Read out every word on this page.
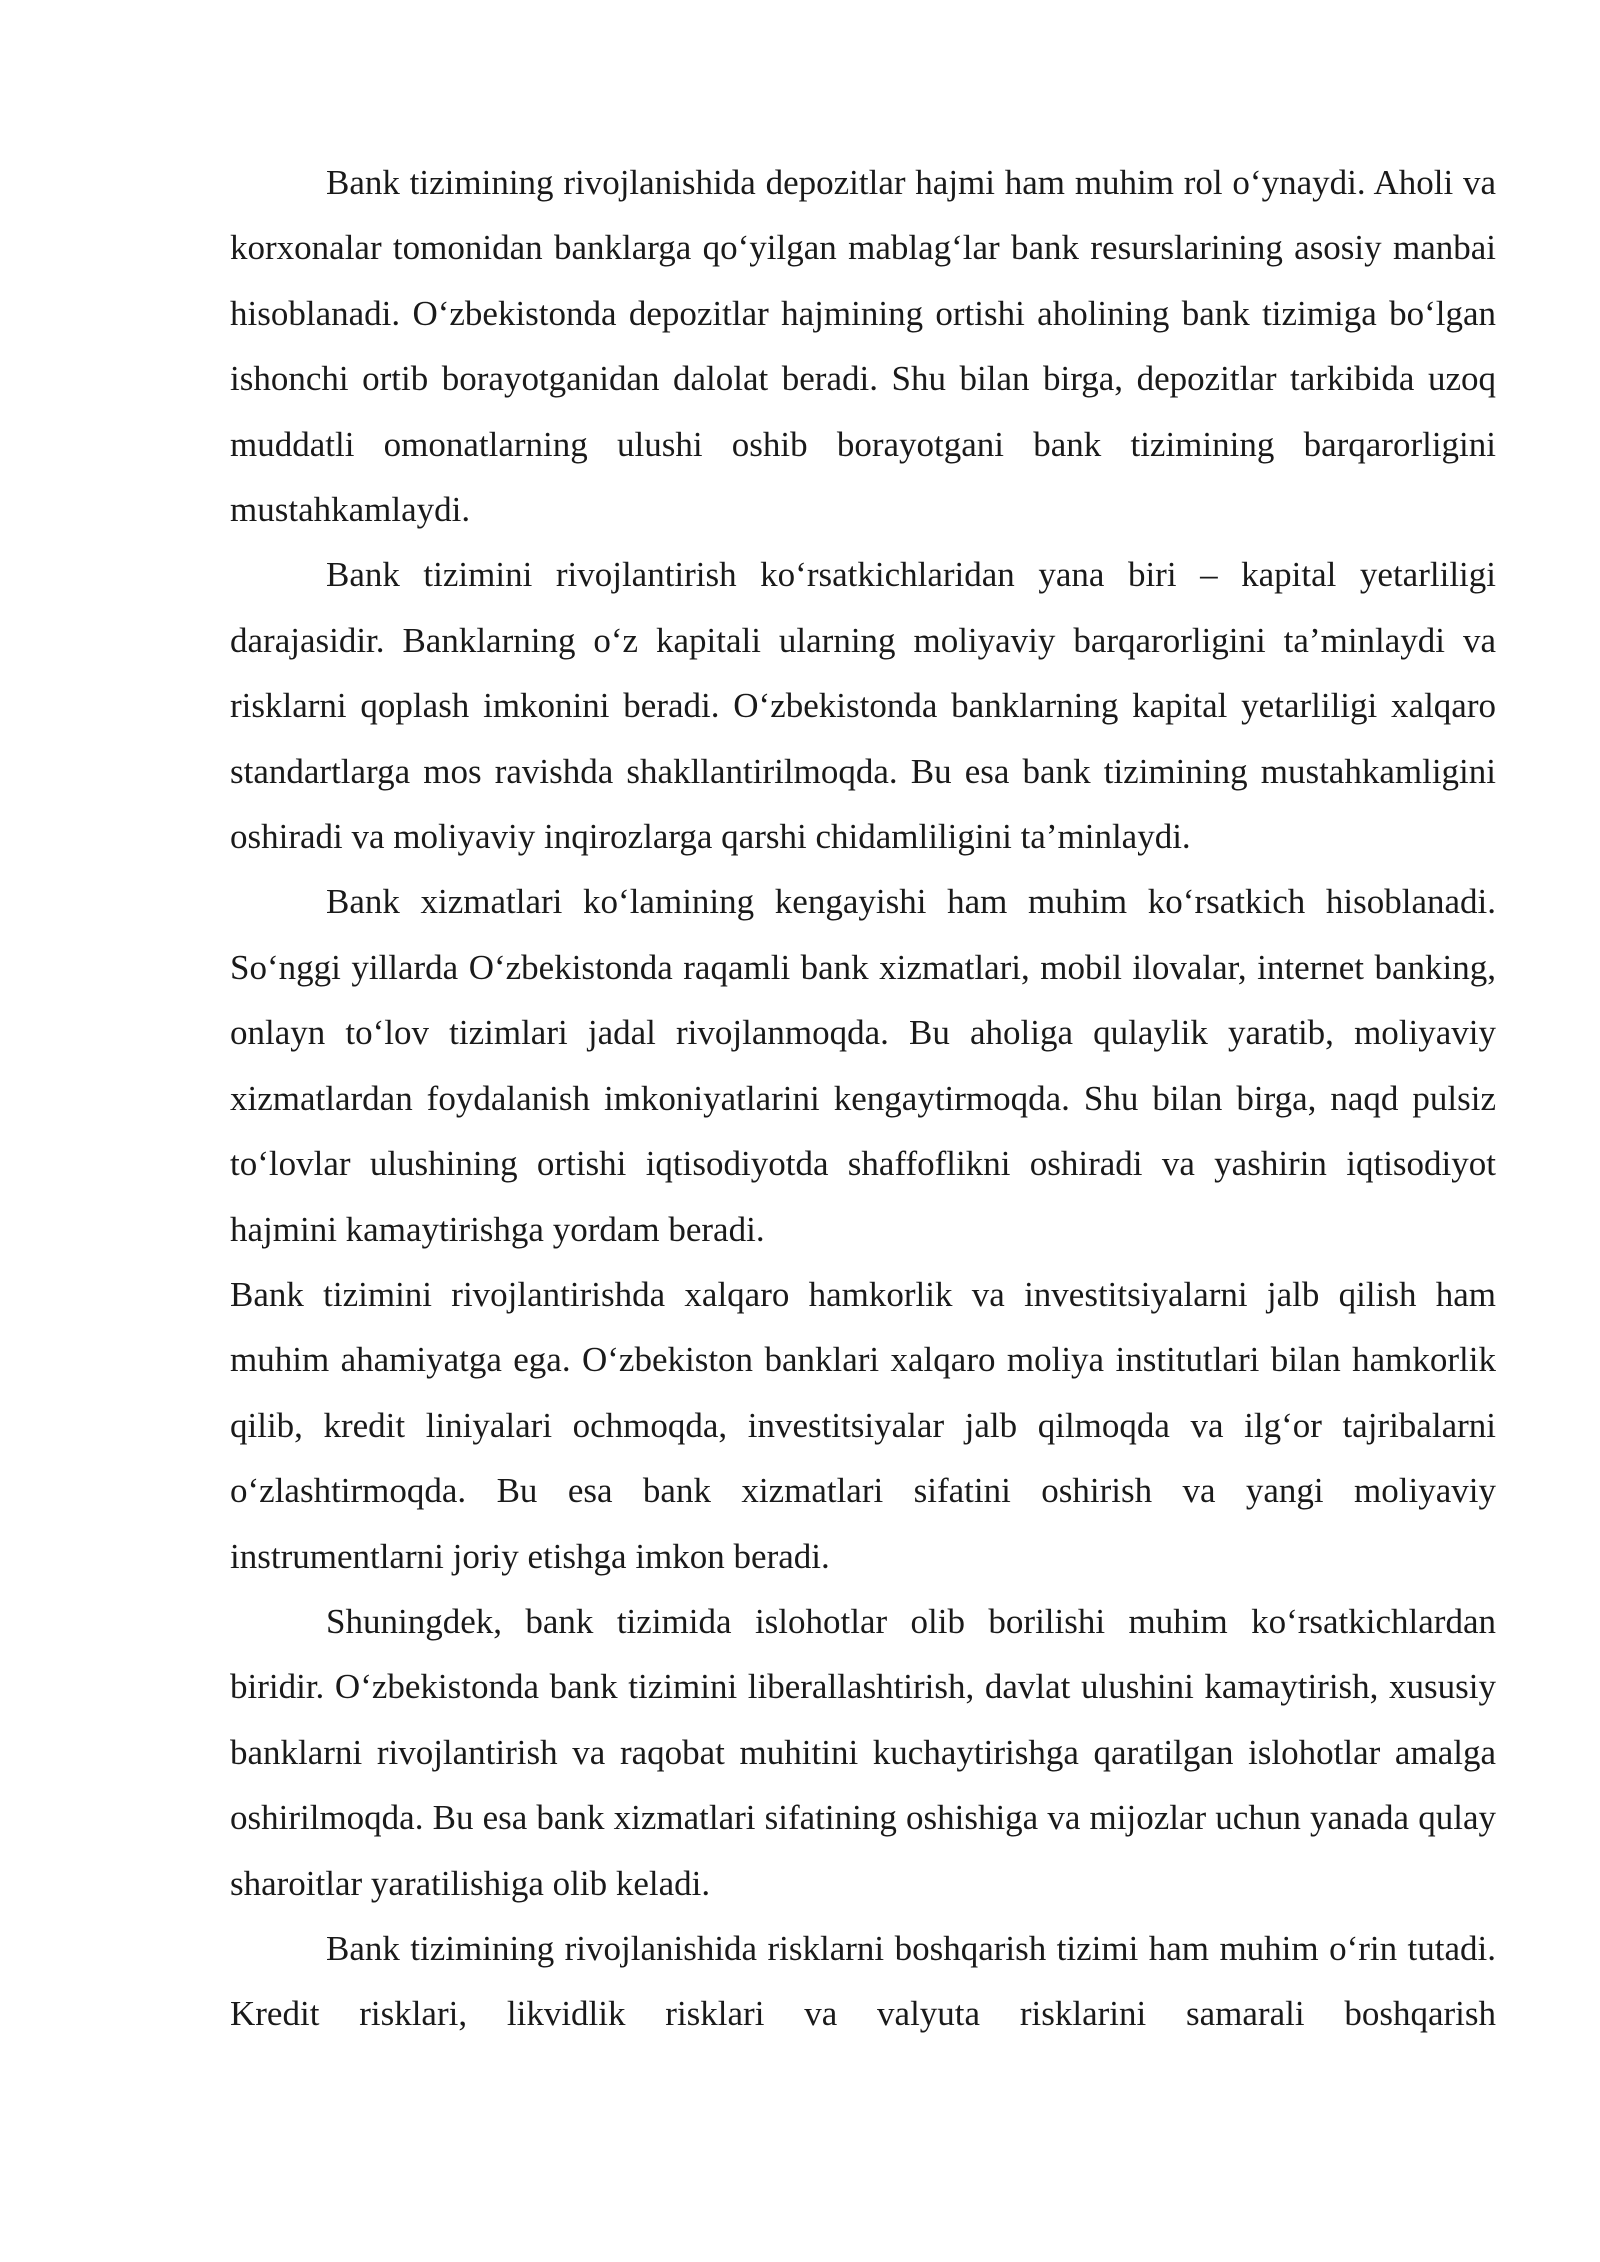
Bank tizimining rivojlanishida depozitlar hajmi ham muhim rol o‘ynaydi. Aholi va korxonalar tomonidan banklarga qo‘yilgan mablag‘lar bank resurslarining asosiy manbai hisoblanadi. O‘zbekistonda depozitlar hajmining ortishi aholining bank tizimiga bo‘lgan ishonchi ortib borayotganidan dalolat beradi. Shu bilan birga, depozitlar tarkibida uzoq muddatli omonatlarning ulushi oshib borayotgani bank tizimining barqarorligini mustahkamlaydi.

Bank tizimini rivojlantirish ko‘rsatkichlaridan yana biri – kapital yetarliligi darajasidir. Banklarning o‘z kapitali ularning moliyaviy barqarorligini ta’minlaydi va risklarni qoplash imkonini beradi. O‘zbekistonda banklarning kapital yetarliligi xalqaro standartlarga mos ravishda shakllantirilmoqda. Bu esa bank tizimining mustahkamligini oshiradi va moliyaviy inqirozlarga qarshi chidamliligini ta’minlaydi.

Bank xizmatlari ko‘lamining kengayishi ham muhim ko‘rsatkich hisoblanadi. So‘nggi yillarda O‘zbekistonda raqamli bank xizmatlari, mobil ilovalar, internet banking, onlayn to‘lov tizimlari jadal rivojlanmoqda. Bu aholiga qulaylik yaratib, moliyaviy xizmatlardan foydalanish imkoniyatlarini kengaytirmoqda. Shu bilan birga, naqd pulsiz to‘lovlar ulushining ortishi iqtisodiyotda shaffoflikni oshiradi va yashirin iqtisodiyot hajmini kamaytirishga yordam beradi.

Bank tizimini rivojlantirishda xalqaro hamkorlik va investitsiyalarni jalb qilish ham muhim ahamiyatga ega. O‘zbekiston banklari xalqaro moliya institutlari bilan hamkorlik qilib, kredit liniyalari ochmoqda, investitsiyalar jalb qilmoqda va ilg‘or tajribalarni o‘zlashtirmoqda. Bu esa bank xizmatlari sifatini oshirish va yangi moliyaviy instrumentlarni joriy etishga imkon beradi.

Shuningdek, bank tizimida islohotlar olib borilishi muhim ko‘rsatkichlardan biridir. O‘zbekistonda bank tizimini liberallashtirish, davlat ulushini kamaytirish, xususiy banklarni rivojlantirish va raqobat muhitini kuchaytirishga qaratilgan islohotlar amalga oshirilmoqda. Bu esa bank xizmatlari sifatining oshishiga va mijozlar uchun yanada qulay sharoitlar yaratilishiga olib keladi.

Bank tizimining rivojlanishida risklarni boshqarish tizimi ham muhim o‘rin tutadi. Kredit risklari, likvidlik risklari va valyuta risklarini samarali boshqarish
